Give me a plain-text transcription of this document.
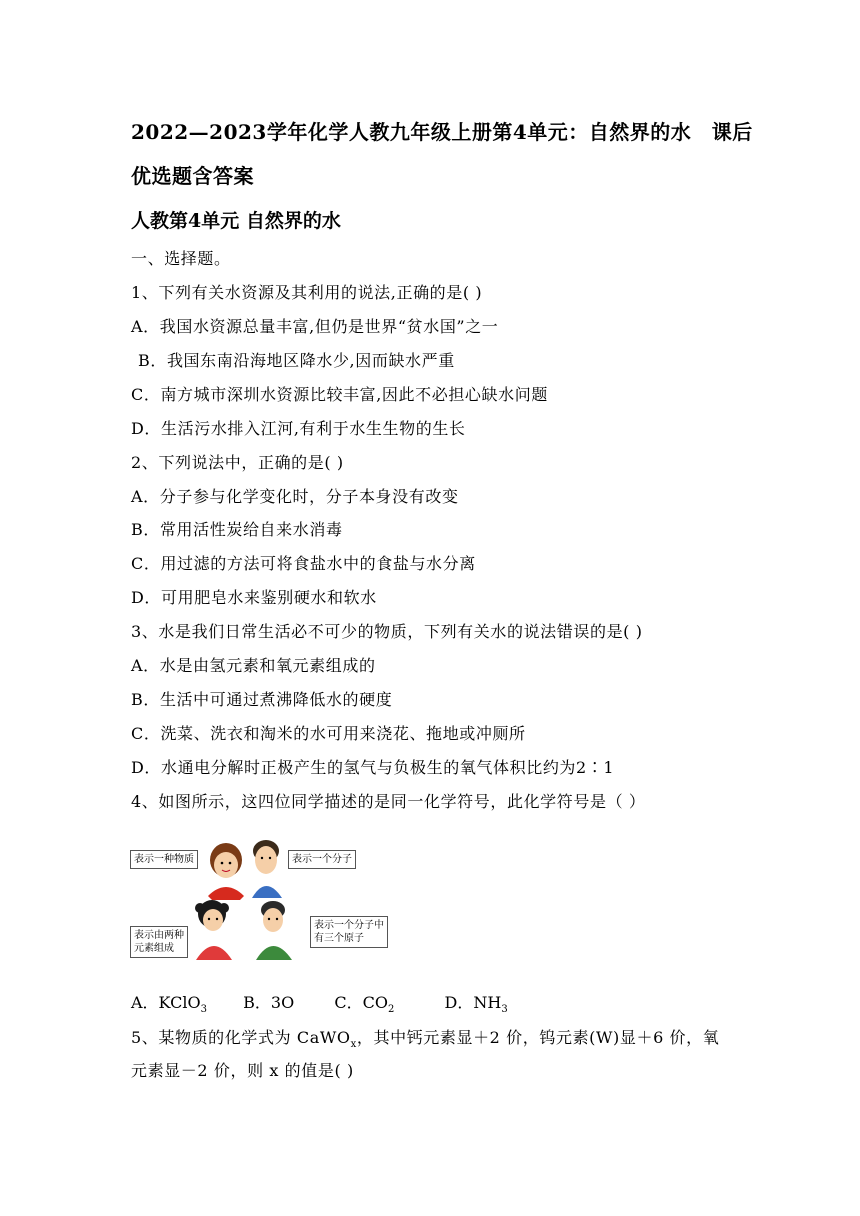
2022—2023学年化学人教九年级上册第4单元：自然界的水　课后
优选题含答案
人教第4单元 自然界的水
一、选择题。
1、下列有关水资源及其利用的说法,正确的是( )
A．我国水资源总量丰富,但仍是世界“贫水国”之一
B．我国东南沿海地区降水少,因而缺水严重
C．南方城市深圳水资源比较丰富,因此不必担心缺水问题
D．生活污水排入江河,有利于水生生物的生长
2、下列说法中，正确的是( )
A．分子参与化学变化时，分子本身没有改变
B．常用活性炭给自来水消毒
C．用过滤的方法可将食盐水中的食盐与水分离
D．可用肥皂水来鉴别硬水和软水
3、水是我们日常生活必不可少的物质，下列有关水的说法错误的是( )
A．水是由氢元素和氧元素组成的
B．生活中可通过煮沸降低水的硬度
C．洗菜、洗衣和淘米的水可用来浇花、拖地或冲厕所
D．水通电分解时正极产生的氢气与负极生的氧气体积比约为2∶1
4、如图所示，这四位同学描述的是同一化学符号，此化学符号是（ ）
表示一种物质	表示一个分子
表示由两种
元素组成
表示一个分子中
有三个原子
A．KClO$_3$ B．3O	C．$CO_2$	D．$NH_3$
5、某物质的化学式为 CaWO$_x$，其中钙元素显＋2 价，钨元素(W)显＋6 价，氧
元素显－2 价，则 x 的值是( )
